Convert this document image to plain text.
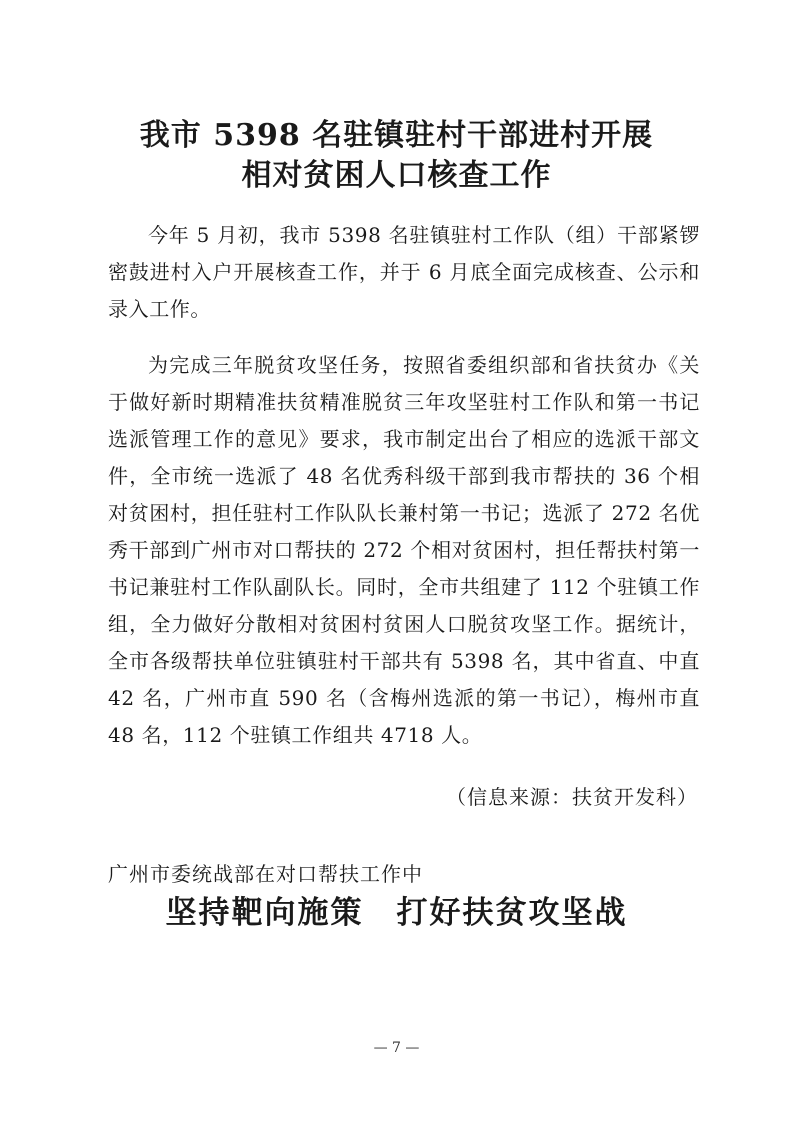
我市 5398 名驻镇驻村干部进村开展
相对贫困人口核查工作

今年 5 月初，我市 5398 名驻镇驻村工作队（组）干部紧锣密鼓进村入户开展核查工作，并于 6 月底全面完成核查、公示和录入工作。

为完成三年脱贫攻坚任务，按照省委组织部和省扶贫办《关于做好新时期精准扶贫精准脱贫三年攻坚驻村工作队和第一书记选派管理工作的意见》要求，我市制定出台了相应的选派干部文件，全市统一选派了 48 名优秀科级干部到我市帮扶的 36 个相对贫困村，担任驻村工作队队长兼村第一书记；选派了 272 名优秀干部到广州市对口帮扶的 272 个相对贫困村，担任帮扶村第一书记兼驻村工作队副队长。同时，全市共组建了 112 个驻镇工作组，全力做好分散相对贫困村贫困人口脱贫攻坚工作。据统计，全市各级帮扶单位驻镇驻村干部共有 5398 名，其中省直、中直 42 名，广州市直 590 名（含梅州选派的第一书记），梅州市直 48 名，112 个驻镇工作组共 4718 人。

（信息来源：扶贫开发科）
广州市委统战部在对口帮扶工作中
坚持靶向施策　打好扶贫攻坚战
— 7 —
